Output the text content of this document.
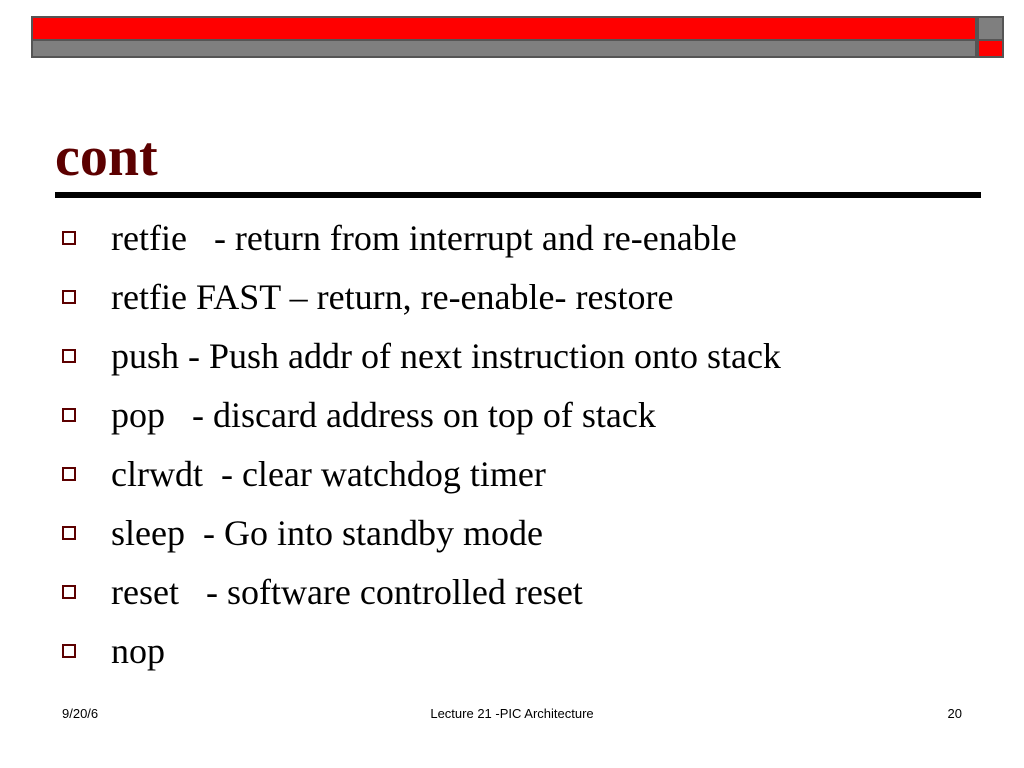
cont
retfie   - return from interrupt and re-enable
retfie FAST – return, re-enable- restore
push - Push addr of next instruction onto stack
pop   - discard address on top of stack
clrwdt  - clear watchdog timer
sleep  - Go into standby mode
reset   - software controlled reset
nop
9/20/6	Lecture 21 -PIC Architecture	20
